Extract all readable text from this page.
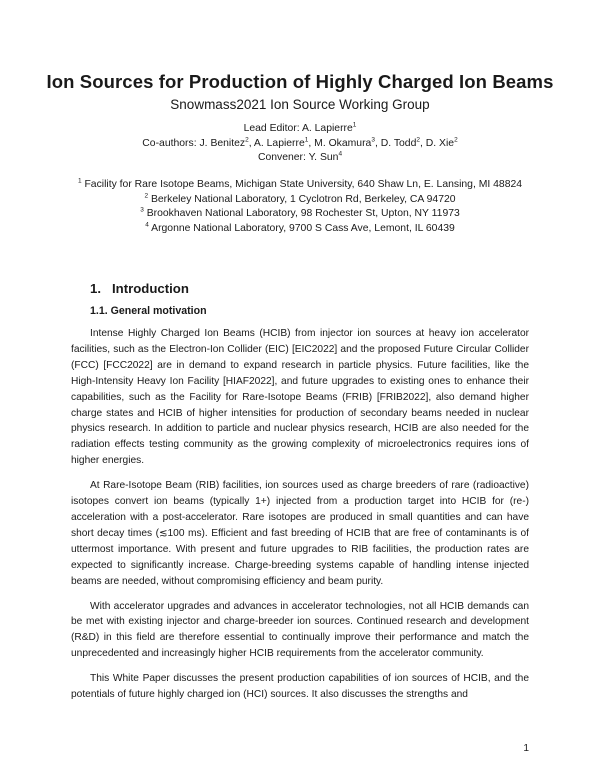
Ion Sources for Production of Highly Charged Ion Beams
Snowmass2021 Ion Source Working Group
Lead Editor: A. Lapierre$^1$
Co-authors: J. Benitez$^2$, A. Lapierre$^1$, M. Okamura$^3$, D. Todd$^2$, D. Xie$^2$
Convener: Y. Sun$^4$
$^1$ Facility for Rare Isotope Beams, Michigan State University, 640 Shaw Ln, E. Lansing, MI 48824
$^2$ Berkeley National Laboratory, 1 Cyclotron Rd, Berkeley, CA 94720
$^3$ Brookhaven National Laboratory, 98 Rochester St, Upton, NY 11973
$^4$ Argonne National Laboratory, 9700 S Cass Ave, Lemont, IL 60439
1. Introduction
1.1. General motivation

Intense Highly Charged Ion Beams (HCIB) from injector ion sources at heavy ion accelerator facilities, such as the Electron-Ion Collider (EIC) [EIC2022] and the proposed Future Circular Collider (FCC) [FCC2022] are in demand to expand research in particle physics. Future facilities, like the High-Intensity Heavy Ion Facility [HIAF2022], and future upgrades to existing ones to enhance their capabilities, such as the Facility for Rare-Isotope Beams (FRIB) [FRIB2022], also demand higher charge states and HCIB of higher intensities for production of secondary beams needed in nuclear physics research. In addition to particle and nuclear physics research, HCIB are also needed for the radiation effects testing community as the growing complexity of microelectronics requires ions of higher energies.

At Rare-Isotope Beam (RIB) facilities, ion sources used as charge breeders of rare (radioactive) isotopes convert ion beams (typically 1+) injected from a production target into HCIB for (re-) acceleration with a post-accelerator. Rare isotopes are produced in small quantities and can have short decay times (≲100 ms). Efficient and fast breeding of HCIB that are free of contaminants is of uttermost importance. With present and future upgrades to RIB facilities, the production rates are expected to significantly increase. Charge-breeding systems capable of handling intense injected beams are needed, without compromising efficiency and beam purity.

With accelerator upgrades and advances in accelerator technologies, not all HCIB demands can be met with existing injector and charge-breeder ion sources. Continued research and development (R&D) in this field are therefore essential to continually improve their performance and match the unprecedented and increasingly higher HCIB requirements from the accelerator community.

This White Paper discusses the present production capabilities of ion sources of HCIB, and the potentials of future highly charged ion (HCI) sources. It also discusses the strengths and

1
